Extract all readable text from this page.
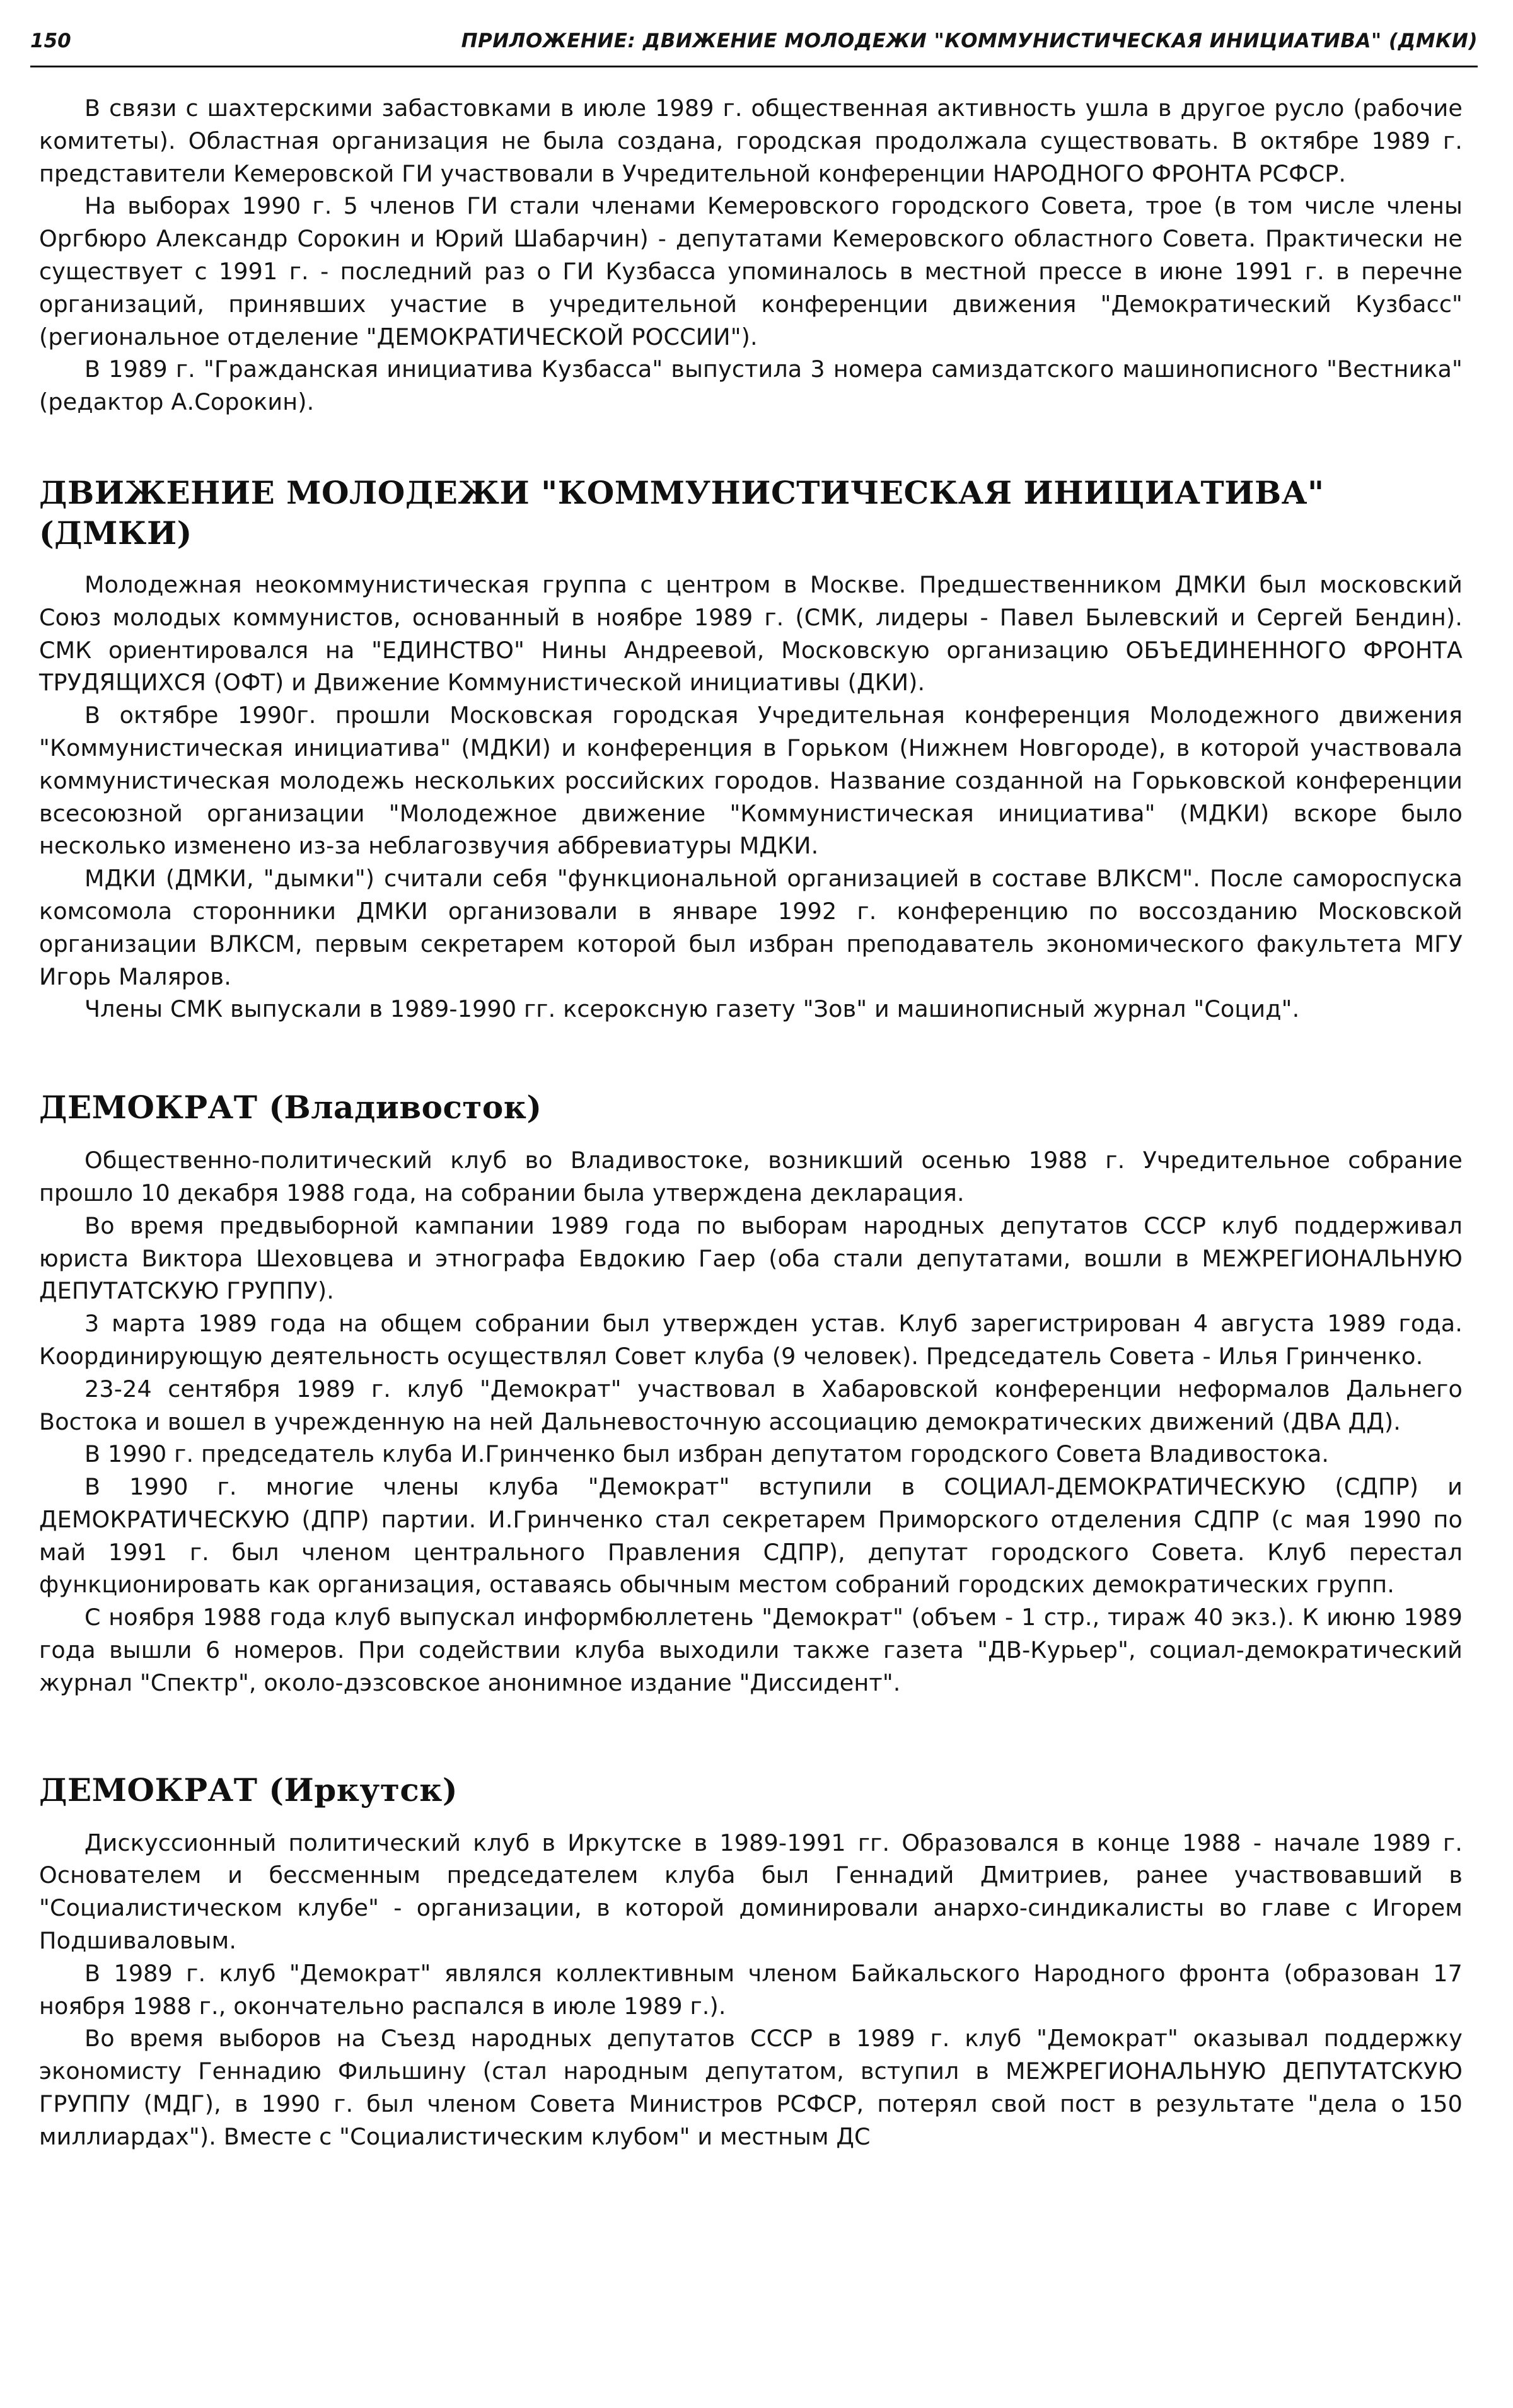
150	ПРИЛОЖЕНИЕ: ДВИЖЕНИЕ МОЛОДЕЖИ "КОММУНИСТИЧЕСКАЯ ИНИЦИАТИВА" (ДМКИ)

В связи с шахтерскими забастовками в июле 1989 г. общественная активность ушла в другое русло (рабочие комитеты). Областная организация не была создана, городская продолжала существовать. В октябре 1989 г. представители Кемеровской ГИ участвовали в Учредительной конференции НАРОДНОГО ФРОНТА РСФСР.

На выборах 1990 г. 5 членов ГИ стали членами Кемеровского городского Совета, трое (в том числе члены Оргбюро Александр Сорокин и Юрий Шабарчин) - депутатами Кемеровского областного Совета. Практически не существует с 1991 г. - последний раз о ГИ Кузбасса упоминалось в местной прессе в июне 1991 г. в перечне организаций, принявших участие в учредительной конференции движения "Демократический Кузбасс" (региональное отделение "ДЕМОКРАТИЧЕСКОЙ РОССИИ").

В 1989 г. "Гражданская инициатива Кузбасса" выпустила 3 номера самиздатского машинописного "Вестника" (редактор А.Сорокин).

ДВИЖЕНИЕ МОЛОДЕЖИ "КОММУНИСТИЧЕСКАЯ ИНИЦИАТИВА" (ДМКИ)

Молодежная неокоммунистическая группа с центром в Москве. Предшественником ДМКИ был московский Союз молодых коммунистов, основанный в ноябре 1989 г. (СМК, лидеры - Павел Былевский и Сергей Бендин). СМК ориентировался на "ЕДИНСТВО" Нины Андреевой, Московскую организацию ОБЪЕДИНЕННОГО ФРОНТА ТРУДЯЩИХСЯ (ОФТ) и Движение Коммунистической инициативы (ДКИ).

В октябре 1990г. прошли Московская городская Учредительная конференция Молодежного движения "Коммунистическая инициатива" (МДКИ) и конференция в Горьком (Нижнем Новгороде), в которой участвовала коммунистическая молодежь нескольких российских городов. Название созданной на Горьковской конференции всесоюзной организации "Молодежное движение "Коммунистическая инициатива" (МДКИ) вскоре было несколько изменено из-за неблагозвучия аббревиатуры МДКИ.

МДКИ (ДМКИ, "дымки") считали себя "функциональной организацией в составе ВЛКСМ". После самороспуска комсомола сторонники ДМКИ организовали в январе 1992 г. конференцию по воссозданию Московской организации ВЛКСМ, первым секретарем которой был избран преподаватель экономического факультета МГУ Игорь Маляров.

Члены СМК выпускали в 1989-1990 гг. ксероксную газету "Зов" и машинописный журнал "Социд".

ДЕМОКРАТ (Владивосток)

Общественно-политический клуб во Владивостоке, возникший осенью 1988 г. Учредительное собрание прошло 10 декабря 1988 года, на собрании была утверждена декларация.

Во время предвыборной кампании 1989 года по выборам народных депутатов СССР клуб поддерживал юриста Виктора Шеховцева и этнографа Евдокию Гаер (оба стали депутатами, вошли в МЕЖРЕГИОНАЛЬНУЮ ДЕПУТАТСКУЮ ГРУППУ).

3 марта 1989 года на общем собрании был утвержден устав. Клуб зарегистрирован 4 августа 1989 года. Координирующую деятельность осуществлял Совет клуба (9 человек). Председатель Совета - Илья Гринченко.

23-24 сентября 1989 г. клуб "Демократ" участвовал в Хабаровской конференции неформалов Дальнего Востока и вошел в учрежденную на ней Дальневосточную ассоциацию демократических движений (ДВА ДД).

В 1990 г. председатель клуба И.Гринченко был избран депутатом городского Совета Владивостока.

В 1990 г. многие члены клуба "Демократ" вступили в СОЦИАЛ-ДЕМОКРАТИЧЕСКУЮ (СДПР) и ДЕМОКРАТИЧЕСКУЮ (ДПР) партии. И.Гринченко стал секретарем Приморского отделения СДПР (с мая 1990 по май 1991 г. был членом центрального Правления СДПР), депутат городского Совета. Клуб перестал функционировать как организация, оставаясь обычным местом собраний городских демократических групп.

С ноября 1988 года клуб выпускал информбюллетень "Демократ" (объем - 1 стр., тираж 40 экз.). К июню 1989 года вышли 6 номеров. При содействии клуба выходили также газета "ДВ-Курьер", социал-демократический журнал "Спектр", около-дэзсовское анонимное издание "Диссидент".

ДЕМОКРАТ (Иркутск)

Дискуссионный политический клуб в Иркутске в 1989-1991 гг. Образовался в конце 1988 - начале 1989 г. Основателем и бессменным председателем клуба был Геннадий Дмитриев, ранее участвовавший в "Социалистическом клубе" - организации, в которой доминировали анархо-синдикалисты во главе с Игорем Подшиваловым.

В 1989 г. клуб "Демократ" являлся коллективным членом Байкальского Народного фронта (образован 17 ноября 1988 г., окончательно распался в июле 1989 г.).

Во время выборов на Съезд народных депутатов СССР в 1989 г. клуб "Демократ" оказывал поддержку экономисту Геннадию Фильшину (стал народным депутатом, вступил в МЕЖРЕГИОНАЛЬНУЮ ДЕПУТАТСКУЮ ГРУППУ (МДГ), в 1990 г. был членом Совета Министров РСФСР, потерял свой пост в результате "дела о 150 миллиардах"). Вместе с "Социалистическим клубом" и местным ДС
